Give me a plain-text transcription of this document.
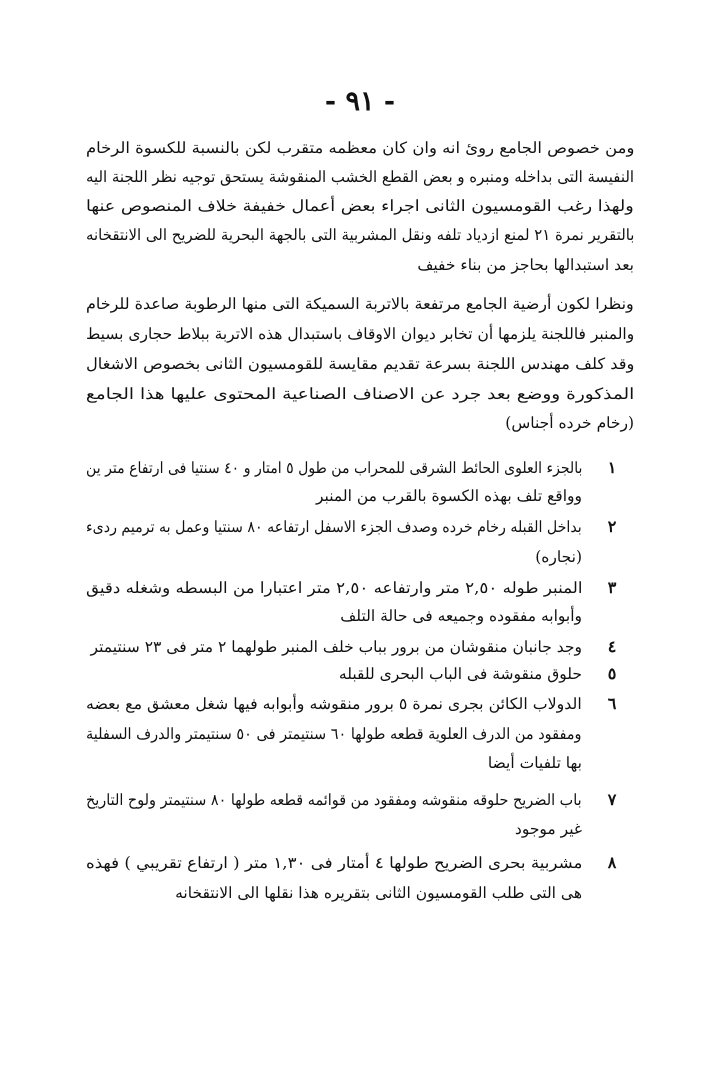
- ٩١ -
ومن خصوص الجامع روئ انه وان كان معظمه متقرب لكن بالنسبة للكسوة الرخام
النفيسة التى بداخله ومنبره و بعض القطع الخشب المنقوشة يستحق توجيه نظر اللجنة اليه
ولهذا رغب القومسيون الثانى اجراء بعض أعمال خفيفة خلاف المنصوص عنها
بالتقرير نمرة ٢١ لمنع ازدياد تلفه ونقل المشربية التى بالجهة البحرية للضريح الى الانتقخانه
بعد استبدالها بحاجز من بناء خفيف
ونظرا لكون أرضية الجامع مرتفعة بالاتربة السميكة التى منها الرطوبة صاعدة للرخام
والمنبر فاللجنة يلزمها أن تخابر ديوان الاوقاف باستبدال هذه الاتربة ببلاط حجارى بسيط
وقد كلف مهندس اللجنة بسرعة تقديم مقايسة للقومسيون الثانى بخصوص الاشغال
المذكورة ووضع بعد جرد عن الاصناف الصناعية المحتوى عليها هذا الجامع
(رخام خرده أجناس)
١
بالجزء العلوى الحائط الشرقى للمحراب من طول ٥ امتار و ٤٠ سنتيا فى ارتفاع متر ين
وواقع تلف بهذه الكسوة بالقرب من المنبر
٢
بداخل القبله رخام خرده وصدف الجزء الاسفل ارتفاعه ٨٠ سنتيا وعمل به ترميم ردىء
(نجاره)
٣
المنبر طوله ٢,٥٠ متر وارتفاعه ٢,٥٠ متر اعتبارا من البسطه وشغله دقيق
وأبوابه مفقوده وجميعه فى حالة التلف
٤
وجد جانبان منقوشان من برور بباب خلف المنبر طولهما ٢ متر فى ٢٣ سنتيمتر
٥
حلوق منقوشة فى الباب البحرى للقبله
٦
الدولاب الكائن بجرى نمرة ٥ برور منقوشه وأبوابه فيها شغل معشق مع بعضه
ومفقود من الدرف العلوية قطعه طولها ٦٠ سنتيمتر فى ٥٠ سنتيمتر والدرف السفلية
بها تلفيات أيضا
٧
باب الضريح حلوقه منقوشه ومفقود من قوائمه قطعه طولها ٨٠ سنتيمتر ولوح التاريخ
غير موجود
٨
مشربية بحرى الضريح طولها ٤ أمتار فى ١,٣٠ متر ( ارتفاع تقريبي ) فهذه
هى التى طلب القومسيون الثانى بتقريره هذا نقلها الى الانتقخانه
